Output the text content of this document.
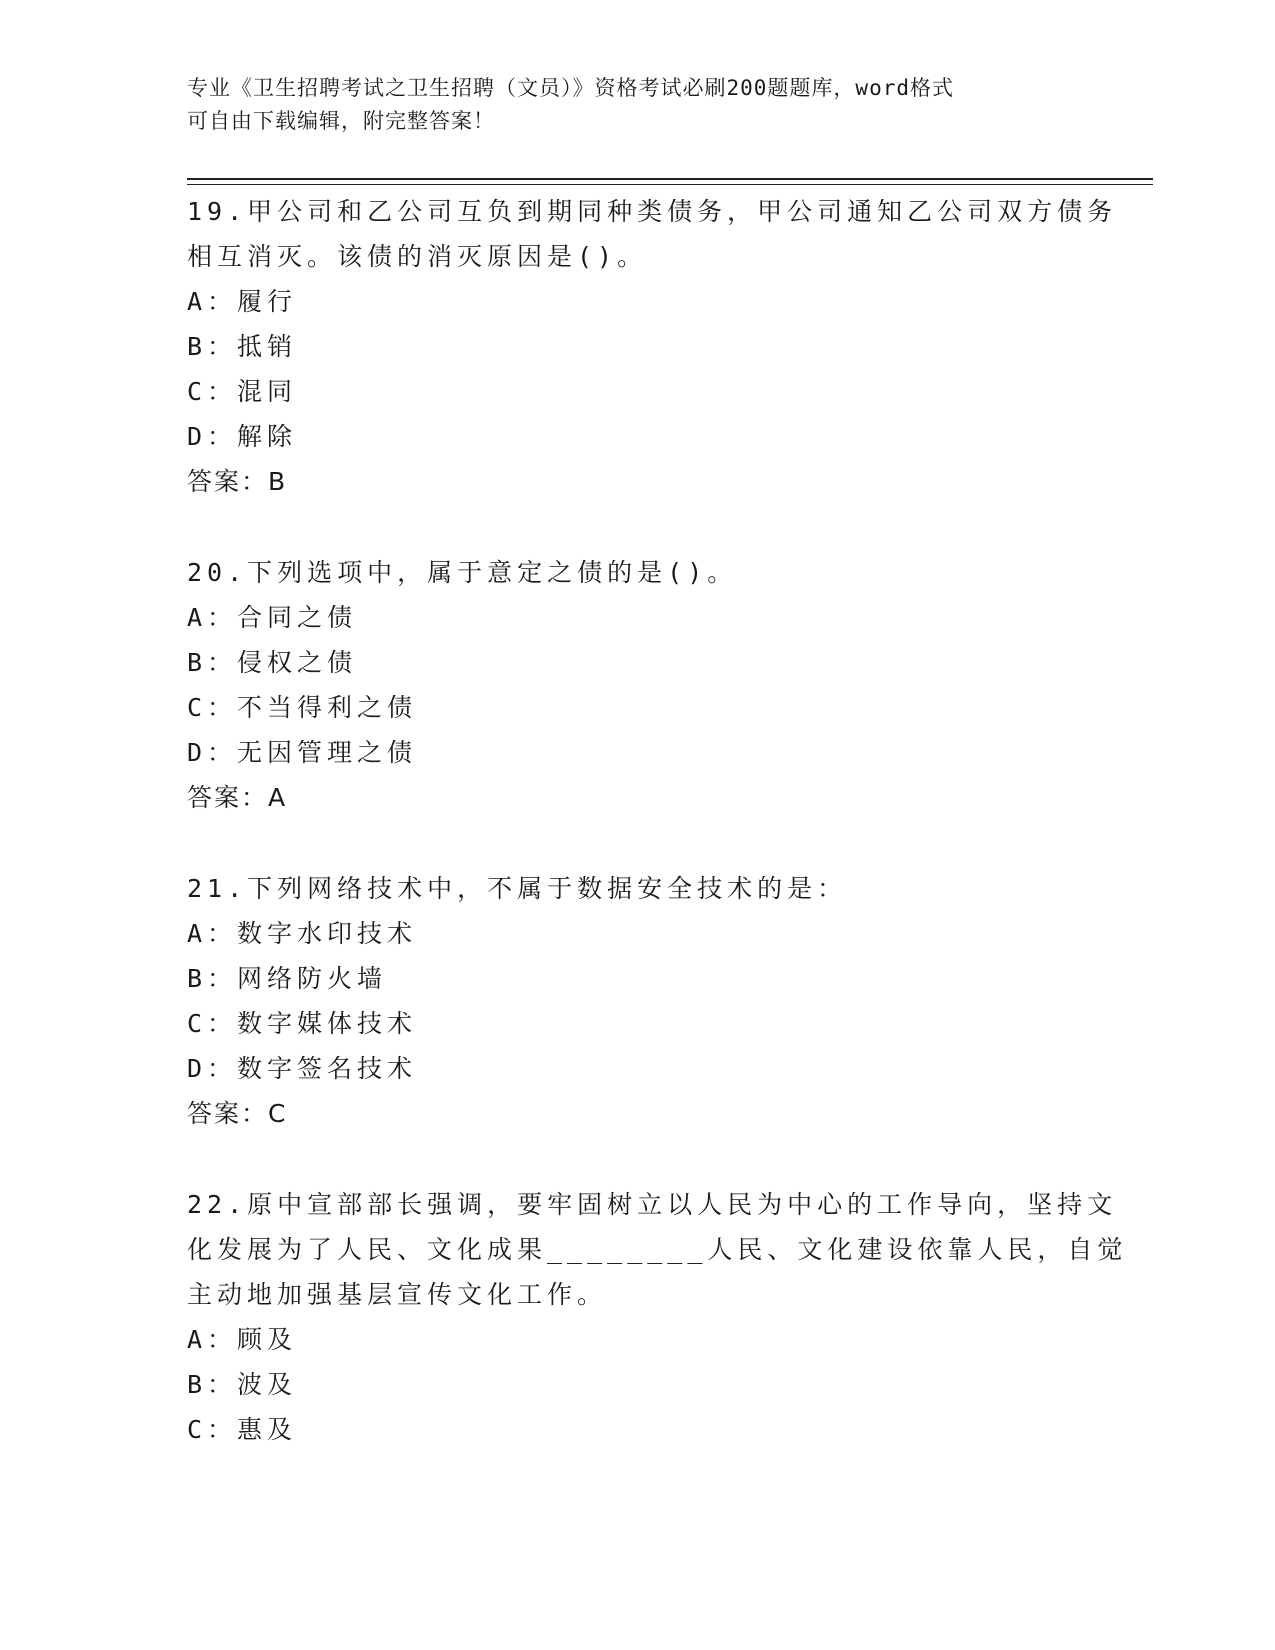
专业《卫生招聘考试之卫生招聘（文员）》资格考试必刷200题题库，word格式
可自由下载编辑，附完整答案！
19.甲公司和乙公司互负到期同种类债务，甲公司通知乙公司双方债务
相互消灭。该债的消灭原因是()。
A：履行
B：抵销
C：混同
D：解除
答案：B
20.下列选项中，属于意定之债的是()。
A：合同之债
B：侵权之债
C：不当得利之债
D：无因管理之债
答案：A
21.下列网络技术中，不属于数据安全技术的是：
A：数字水印技术
B：网络防火墙
C：数字媒体技术
D：数字签名技术
答案：C
22.原中宣部部长强调，要牢固树立以人民为中心的工作导向，坚持文
化发展为了人民、文化成果________人民、文化建设依靠人民，自觉
主动地加强基层宣传文化工作。
A：顾及
B：波及
C：惠及
